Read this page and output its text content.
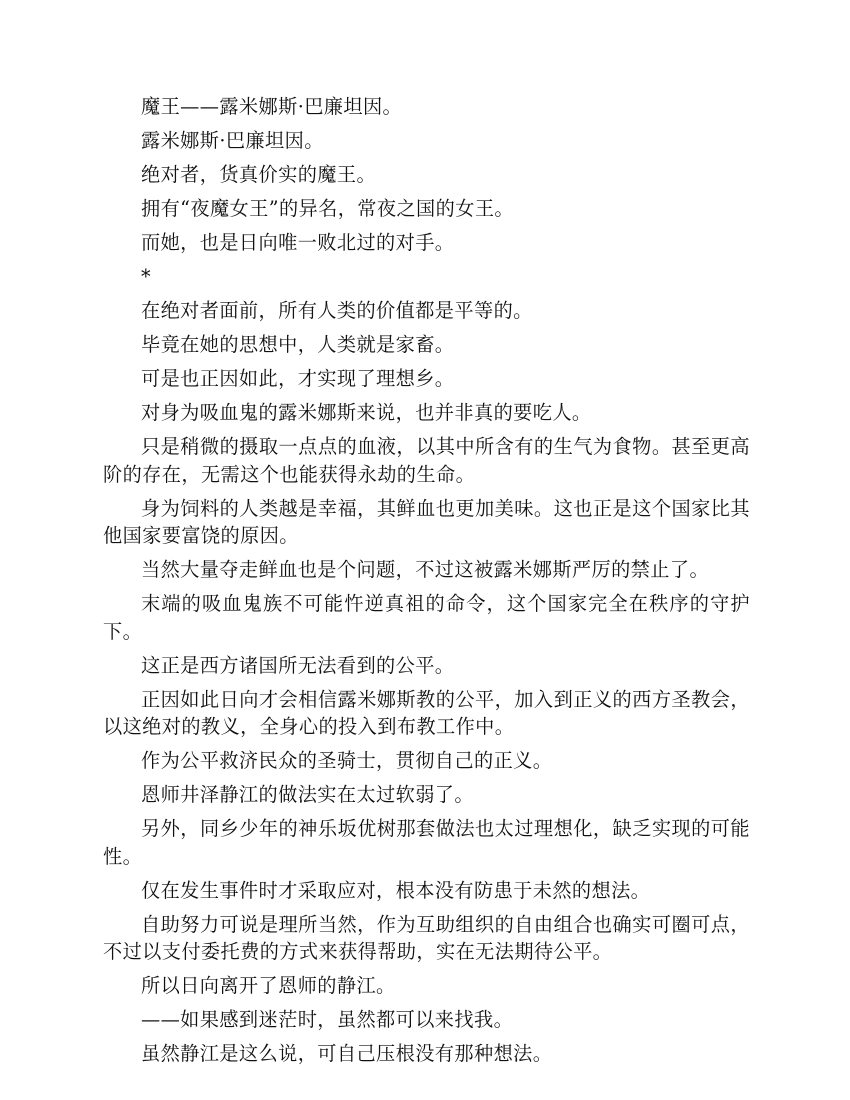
魔王——露米娜斯·巴廉坦因。

露米娜斯·巴廉坦因。

绝对者，货真价实的魔王。

拥有“夜魔女王”的异名，常夜之国的女王。

而她，也是日向唯一败北过的对手。

*

在绝对者面前，所有人类的价值都是平等的。

毕竟在她的思想中，人类就是家畜。

可是也正因如此，才实现了理想乡。

对身为吸血鬼的露米娜斯来说，也并非真的要吃人。

只是稍微的摄取一点点的血液，以其中所含有的生气为食物。甚至更高阶的存在，无需这个也能获得永劫的生命。

身为饲料的人类越是幸福，其鲜血也更加美味。这也正是这个国家比其他国家要富饶的原因。

当然大量夺走鲜血也是个问题，不过这被露米娜斯严厉的禁止了。

末端的吸血鬼族不可能忤逆真祖的命令，这个国家完全在秩序的守护下。

这正是西方诸国所无法看到的公平。

正因如此日向才会相信露米娜斯教的公平，加入到正义的西方圣教会，以这绝对的教义，全身心的投入到布教工作中。

作为公平救济民众的圣骑士，贯彻自己的正义。

恩师井泽静江的做法实在太过软弱了。

另外，同乡少年的神乐坂优树那套做法也太过理想化，缺乏实现的可能性。

仅在发生事件时才采取应对，根本没有防患于未然的想法。

自助努力可说是理所当然，作为互助组织的自由组合也确实可圈可点，不过以支付委托费的方式来获得帮助，实在无法期待公平。

所以日向离开了恩师的静江。

——如果感到迷茫时，虽然都可以来找我。

虽然静江是这么说，可自己压根没有那种想法。
